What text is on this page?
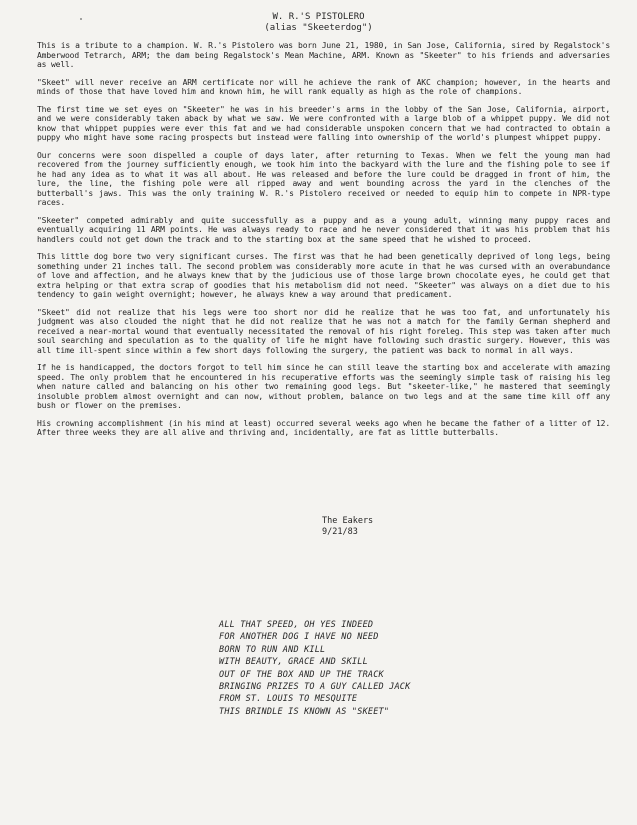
W. R.'S PISTOLERO
(alias "Skeeterdog")

This is a tribute to a champion. W. R.'s Pistolero was born June 21, 1980, in San Jose, California, sired by Regalstock's Amberwood Tetrarch, ARM; the dam being Regalstock's Mean Machine, ARM. Known as "Skeeter" to his friends and adversaries as well.

"Skeet" will never receive an ARM certificate nor will he achieve the rank of AKC champion; however, in the hearts and minds of those that have loved him and known him, he will rank equally as high as the role of champions.

The first time we set eyes on "Skeeter" he was in his breeder's arms in the lobby of the San Jose, California, airport, and we were considerably taken aback by what we saw. We were confronted with a large blob of a whippet puppy. We did not know that whippet puppies were ever this fat and we had considerable unspoken concern that we had contracted to obtain a puppy who might have some racing prospects but instead were falling into ownership of the world's plumpest whippet puppy.

Our concerns were soon dispelled a couple of days later, after returning to Texas. When we felt the young man had recovered from the journey sufficiently enough, we took him into the backyard with the lure and the fishing pole to see if he had any idea as to what it was all about. He was released and before the lure could be dragged in front of him, the lure, the line, the fishing pole were all ripped away and went bounding across the yard in the clenches of the butterball's jaws. This was the only training W. R.'s Pistolero received or needed to equip him to compete in NPR-type races.

"Skeeter" competed admirably and quite successfully as a puppy and as a young adult, winning many puppy races and eventually acquiring 11 ARM points. He was always ready to race and he never considered that it was his problem that his handlers could not get down the track and to the starting box at the same speed that he wished to proceed.

This little dog bore two very significant curses. The first was that he had been genetically deprived of long legs, being something under 21 inches tall. The second problem was considerably more acute in that he was cursed with an overabundance of love and affection, and he always knew that by the judicious use of those large brown chocolate eyes, he could get that extra helping or that extra scrap of goodies that his metabolism did not need. "Skeeter" was always on a diet due to his tendency to gain weight overnight; however, he always knew a way around that predicament.

"Skeet" did not realize that his legs were too short nor did he realize that he was too fat, and unfortunately his judgment was also clouded the night that he did not realize that he was not a match for the family German shepherd and received a near-mortal wound that eventually necessitated the removal of his right foreleg. This step was taken after much soul searching and speculation as to the quality of life he might have following such drastic surgery. However, this was all time ill-spent since within a few short days following the surgery, the patient was back to normal in all ways.

If he is handicapped, the doctors forgot to tell him since he can still leave the starting box and accelerate with amazing speed. The only problem that he encountered in his recuperative efforts was the seemingly simple task of raising his leg when nature called and balancing on his other two remaining good legs. But "skeeter-like," he mastered that seemingly insoluble problem almost overnight and can now, without problem, balance on two legs and at the same time kill off any bush or flower on the premises.

His crowning accomplishment (in his mind at least) occurred several weeks ago when he became the father of a litter of 12. After three weeks they are all alive and thriving and, incidentally, are fat as little butterballs.

The Eakers
9/21/83
ALL THAT SPEED, OH YES INDEED
FOR ANOTHER DOG I HAVE NO NEED
BORN TO RUN AND KILL
WITH BEAUTY, GRACE AND SKILL
OUT OF THE BOX AND UP THE TRACK
BRINGING PRIZES TO A GUY CALLED JACK
FROM ST. LOUIS TO MESQUITE
THIS BRINDLE IS KNOWN AS "SKEET"
